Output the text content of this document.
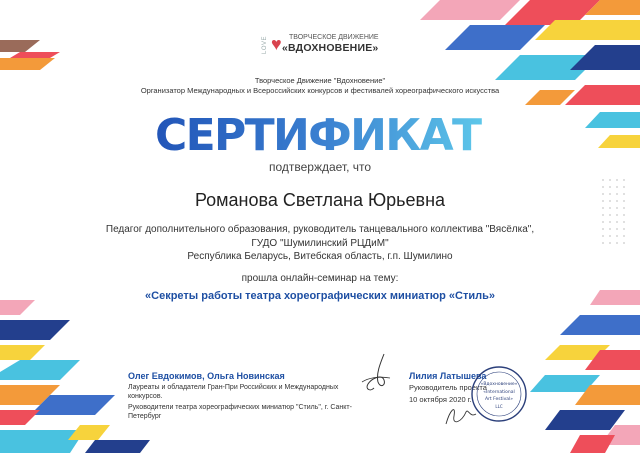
LOVE ♥ ТВОРЧЕСКОЕ ДВИЖЕНИЕ
«ВДОХНОВЕНИЕ»
Творческое Движение "Вдохновение"
Организатор Международных и Всероссийских конкурсов и фестивалей хореографического искусства
СЕРТИФИКАТ
подтверждает, что
Романова Светлана Юрьевна
Педагог дополнительного образования, руководитель танцевального коллектива "Вясёлка",
ГУДО "Шумилинский РЦДиМ"
Республика Беларусь, Витебская область, г.п. Шумилино
прошла онлайн-семинар на тему:
«Секреты работы театра хореографических миниатюр «Стиль»
Олег Евдокимов, Ольга Новинская
Лауреаты и обладатели Гран-При Российских и Международных конкурсов.
Руководители театра хореографических миниатюр "Стиль", г. Санкт-Петербург
Лилия Латышева
Руководитель проекта
10 октября 2020 г.
«Вдохновение»
«International
Art Festival»
LLC
